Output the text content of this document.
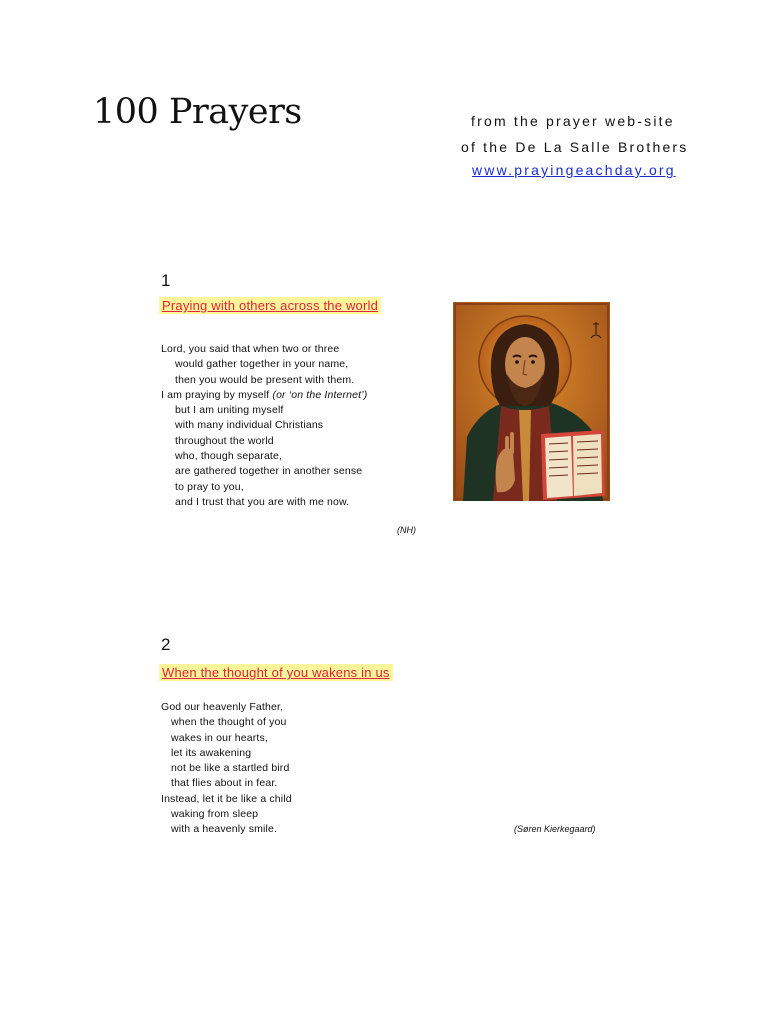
100 Prayers	from the prayer web-site
of the De La Salle Brothers
www.prayingeachday.org
1
Praying with others across the world
Lord, you said that when two or three
would gather together in your name,
then you would be present with them.
I am praying by myself (or ‘on the Internet’)
but I am uniting myself
with many individual Christians
throughout the world
who, though separate,
are gathered together in another sense
to pray to you,
and I trust that you are with me now.
(NH)
2
When the thought of you wakens in us
God our heavenly Father,
when the thought of you
wakes in our hearts,
let its awakening
not be like a startled bird
that flies about in fear.
Instead, let it be like a child
waking from sleep
with a heavenly smile.	(Søren Kierkegaard)
